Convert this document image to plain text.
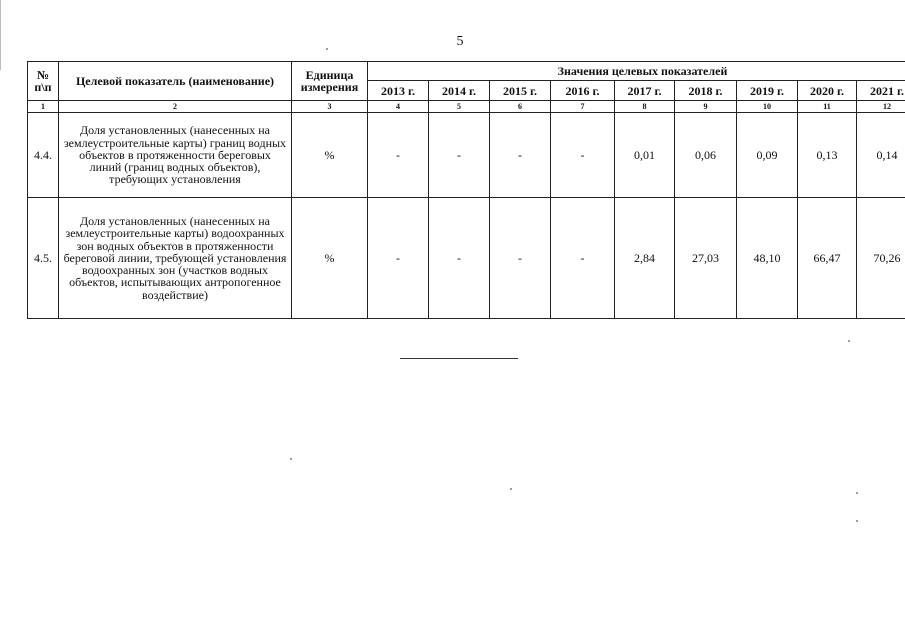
5
№ п\п	Целевой показатель (наименование)	Единица измерения	Значения целевых показателей								
			2013 г.	2014 г.	2015 г.	2016 г.	2017 г.	2018 г.	2019 г.	2020 г.	2021 г.
1	2	3	4	5	6	7	8	9	10	11	12
4.4.	Доля установленных (нанесенных на землеустроительные карты) границ водных объектов в протяженности береговых линий (границ водных объектов), требующих установления	%	-	-	-	-	0,01	0,06	0,09	0,13	0,14
4.5.	Доля установленных (нанесенных на землеустроительные карты) водоохранных зон водных объектов в протяженности береговой линии, требующей установления водоохранных зон (участков водных объектов, испытывающих антропогенное воздействие)	%	-	-	-	-	2,84	27,03	48,10	66,47	70,26
